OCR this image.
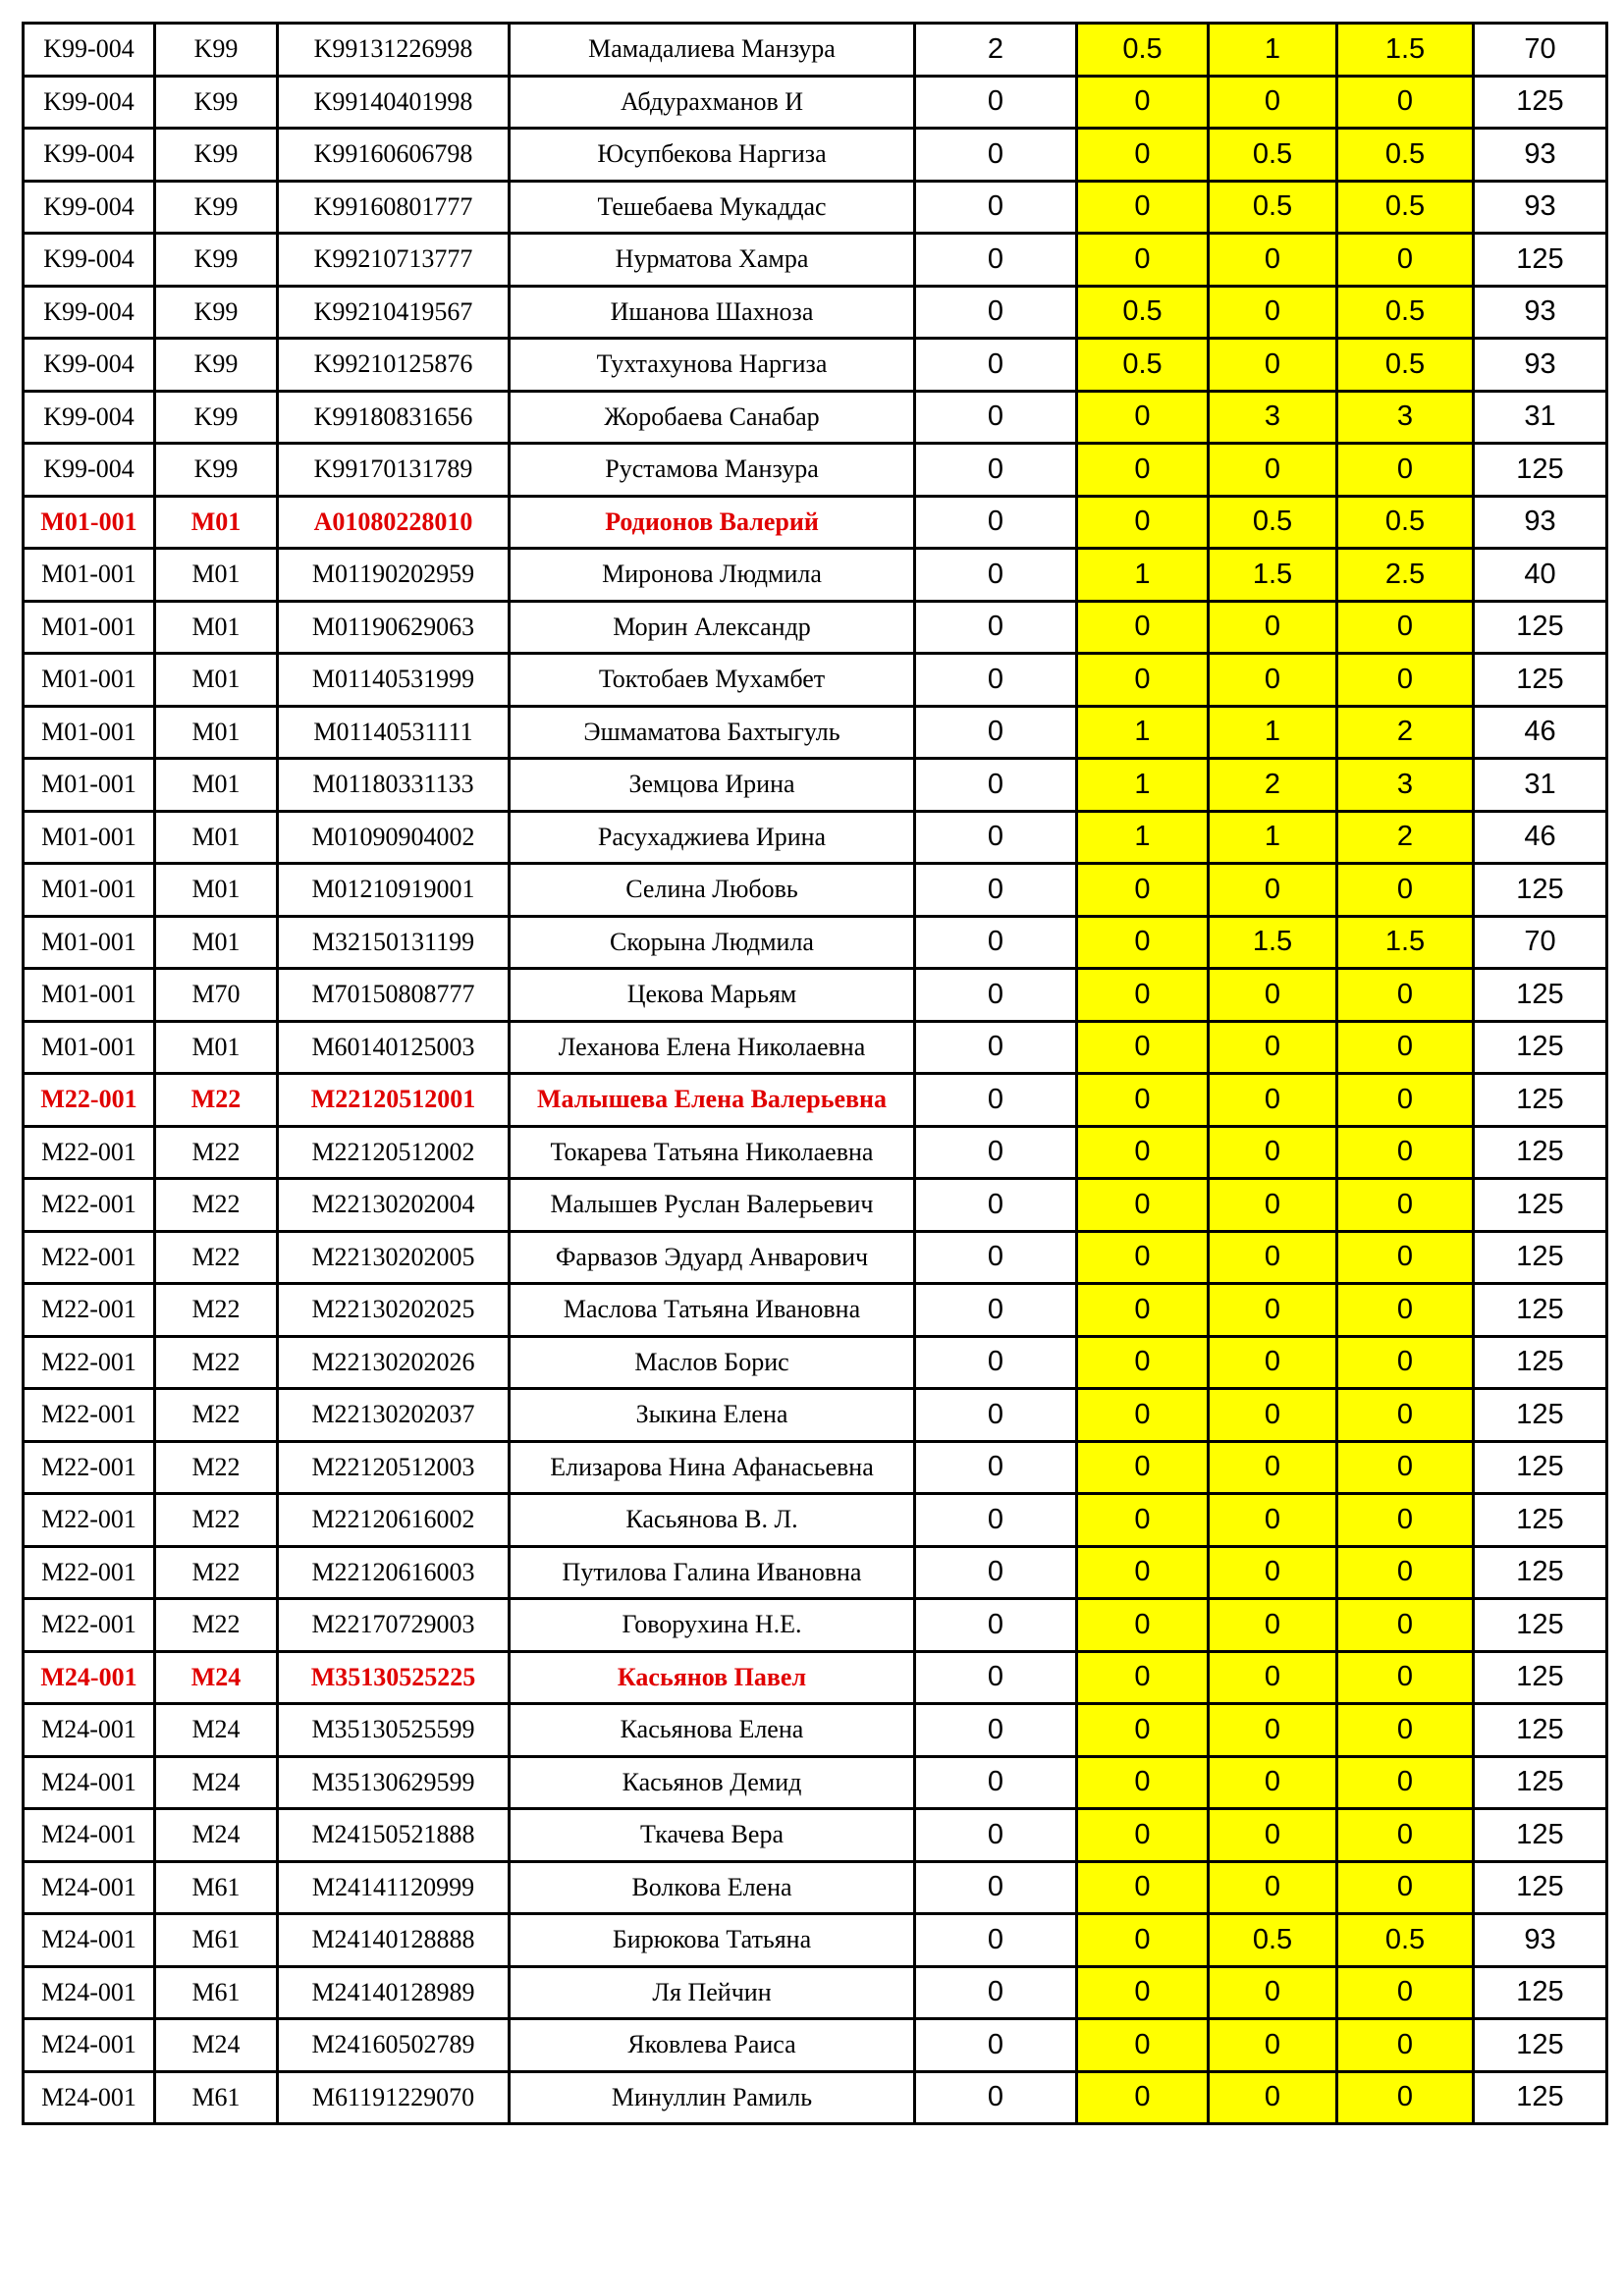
K99-004	K99	K99131226998	Мамадалиева Манзура	2	0.5	1	1.5	70
K99-004	K99	K99140401998	Абдурахманов И	0	0	0	0	125
K99-004	K99	K99160606798	Юсупбекова Наргиза	0	0	0.5	0.5	93
K99-004	K99	K99160801777	Тешебаева Мукаддас	0	0	0.5	0.5	93
K99-004	K99	K99210713777	Нурматова Хамра	0	0	0	0	125
K99-004	K99	K99210419567	Ишанова Шахноза	0	0.5	0	0.5	93
K99-004	K99	K99210125876	Тухтахунова Наргиза	0	0.5	0	0.5	93
K99-004	K99	K99180831656	Жоробаева Санабар	0	0	3	3	31
K99-004	K99	K99170131789	Рустамова Манзура	0	0	0	0	125
M01-001	M01	A01080228010	Родионов Валерий	0	0	0.5	0.5	93
M01-001	M01	M01190202959	Миронова Людмила	0	1	1.5	2.5	40
M01-001	M01	M01190629063	Морин Александр	0	0	0	0	125
M01-001	M01	M01140531999	Токтобаев Мухамбет	0	0	0	0	125
M01-001	M01	M01140531111	Эшмаматова Бахтыгуль	0	1	1	2	46
M01-001	M01	M01180331133	Земцова Ирина	0	1	2	3	31
M01-001	M01	M01090904002	Расухаджиева Ирина	0	1	1	2	46
M01-001	M01	M01210919001	Селина Любовь	0	0	0	0	125
M01-001	M01	M32150131199	Скорына Людмила	0	0	1.5	1.5	70
M01-001	M70	M70150808777	Цекова Марьям	0	0	0	0	125
M01-001	M01	M60140125003	Леханова Елена Николаевна	0	0	0	0	125
M22-001	M22	M22120512001	Малышева Елена Валерьевна	0	0	0	0	125
M22-001	M22	M22120512002	Токарева Татьяна Николаевна	0	0	0	0	125
M22-001	M22	M22130202004	Малышев Руслан Валерьевич	0	0	0	0	125
M22-001	M22	M22130202005	Фарвазов Эдуард Анварович	0	0	0	0	125
M22-001	M22	M22130202025	Маслова Татьяна Ивановна	0	0	0	0	125
M22-001	M22	M22130202026	Маслов Борис	0	0	0	0	125
M22-001	M22	M22130202037	Зыкина Елена	0	0	0	0	125
M22-001	M22	M22120512003	Елизарова Нина Афанасьевна	0	0	0	0	125
M22-001	M22	M22120616002	Касьянова В. Л.	0	0	0	0	125
M22-001	M22	M22120616003	Путилова Галина Ивановна	0	0	0	0	125
M22-001	M22	M22170729003	Говорухина Н.Е.	0	0	0	0	125
M24-001	M24	M35130525225	Касьянов Павел	0	0	0	0	125
M24-001	M24	M35130525599	Касьянова Елена	0	0	0	0	125
M24-001	M24	M35130629599	Касьянов Демид	0	0	0	0	125
M24-001	M24	M24150521888	Ткачева Вера	0	0	0	0	125
M24-001	M61	M24141120999	Волкова Елена	0	0	0	0	125
M24-001	M61	M24140128888	Бирюкова Татьяна	0	0	0.5	0.5	93
M24-001	M61	M24140128989	Ля Пейчин	0	0	0	0	125
M24-001	M24	M24160502789	Яковлева Раиса	0	0	0	0	125
M24-001	M61	M61191229070	Минуллин Рамиль	0	0	0	0	125
